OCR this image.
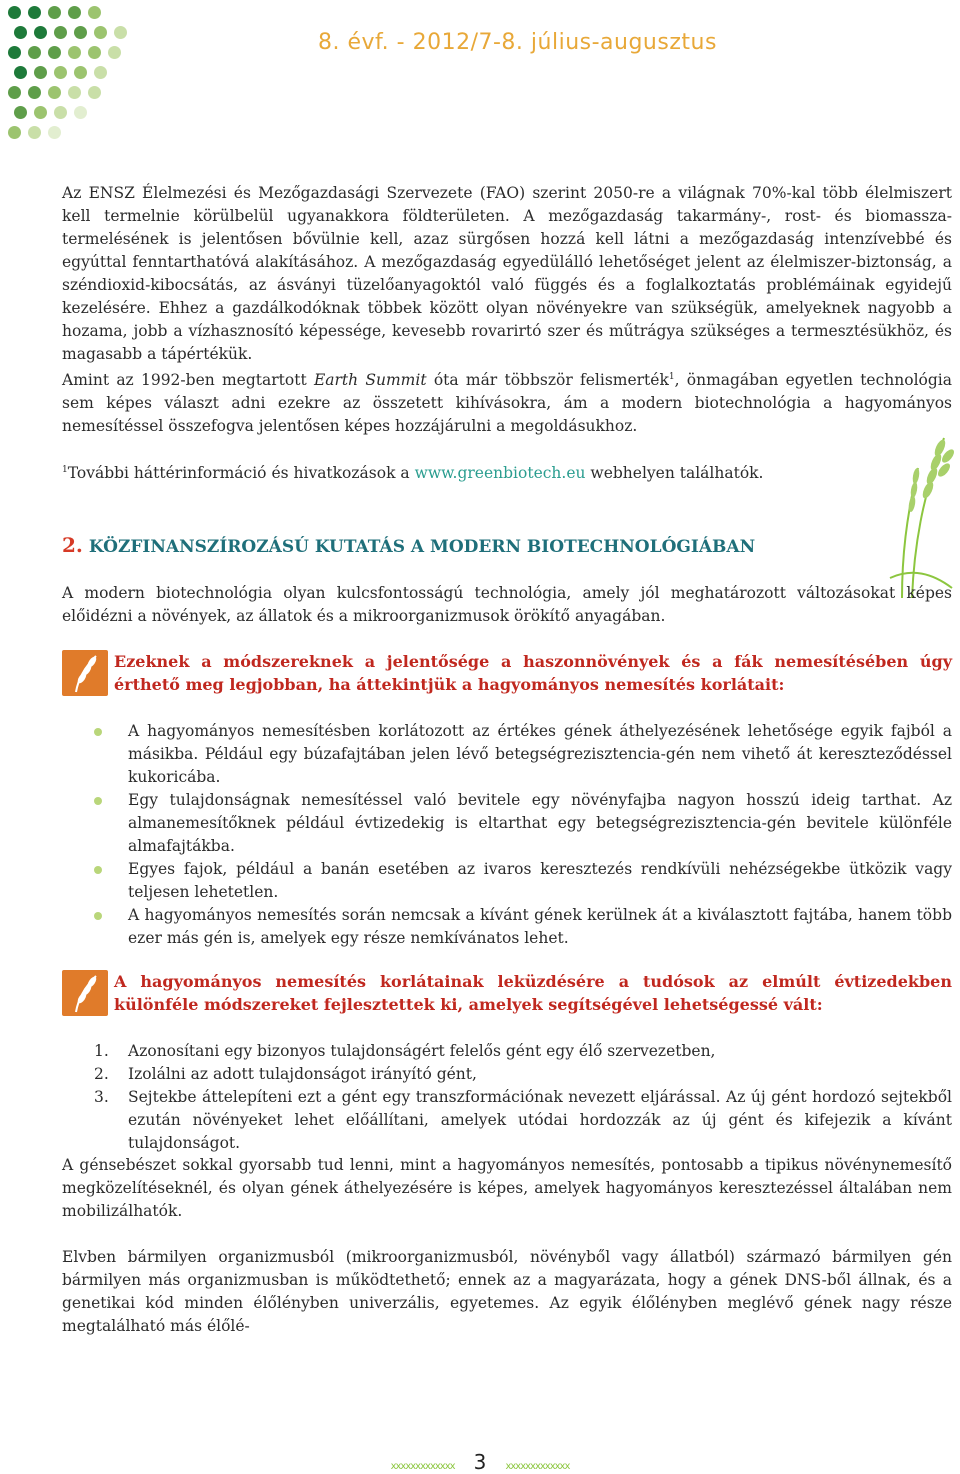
8. évf. - 2012/7-8. július-augusztus

Az ENSZ Élelmezési és Mezőgazdasági Szervezete (FAO) szerint 2050-re a világnak 70%-kal több élelmiszert kell termelnie körülbelül ugyanakkora földterületen. A mezőgazdaság takarmány-, rost- és biomassza-termelésének is jelentősen bővülnie kell, azaz sürgősen hozzá kell látni a mezőgazdaság intenzívebbé és egyúttal fenntarthatóvá alakításához. A mezőgazdaság egyedülálló lehetőséget jelent az élelmiszer-biztonság, a széndioxid-kibocsátás, az ásványi tüzelőanyagoktól való függés és a foglalkoztatás problémáinak egyidejű kezelésére. Ehhez a gazdálkodóknak többek között olyan növényekre van szükségük, amelyeknek nagyobb a hozama, jobb a vízhasznosító képessége, kevesebb rovarirtó szer és műtrágya szükséges a termesztésükhöz, és magasabb a tápértékük.

Amint az 1992-ben megtartott Earth Summit óta már többször felismerték$^1$, önmagában egyetlen technológia sem képes választ adni ezekre az összetett kihívásokra, ám a modern biotechnológia a hagyományos nemesítéssel összefogva jelentősen képes hozzájárulni a megoldásukhoz.

$^1$További háttérinformáció és hivatkozások a www.greenbiotech.eu webhelyen találhatók.

2. KÖZFINANSZÍROZÁSÚ KUTATÁS A MODERN BIOTECHNOLÓGIÁBAN

A modern biotechnológia olyan kulcsfontosságú technológia, amely jól meghatározott változásokat képes előidézni a növények, az állatok és a mikroorganizmusok örökítő anyagában.

Ezeknek a módszereknek a jelentősége a haszonnövények és a fák nemesítésében úgy érthető meg legjobban, ha áttekintjük a hagyományos nemesítés korlátait:
A hagyományos nemesítésben korlátozott az értékes gének áthelyezésének lehetősége egyik fajból a másikba. Például egy búzafajtában jelen lévő betegségrezisztencia-gén nem vihető át kereszteződéssel kukoricába.
Egy tulajdonságnak nemesítéssel való bevitele egy növényfajba nagyon hosszú ideig tarthat. Az almanemesítőknek például évtizedekig is eltarthat egy betegségrezisztencia-gén bevitele különféle almafajtákba.
Egyes fajok, például a banán esetében az ivaros keresztezés rendkívüli nehézségekbe ütközik vagy teljesen lehetetlen.
A hagyományos nemesítés során nemcsak a kívánt gének kerülnek át a kiválasztott fajtába, hanem több ezer más gén is, amelyek egy része nemkívánatos lehet.
A hagyományos nemesítés korlátainak leküzdésére a tudósok az elmúlt évtizedekben különféle módszereket fejlesztettek ki, amelyek segítségével lehetségessé vált:
1. Azonosítani egy bizonyos tulajdonságért felelős gént egy élő szervezetben,
2. Izolálni az adott tulajdonságot irányító gént,
3. Sejtekbe áttelepíteni ezt a gént egy transzformációnak nevezett eljárással. Az új gént hordozó sejtekből ezután növényeket lehet előállítani, amelyek utódai hordozzák az új gént és kifejezik a kívánt tulajdonságot.

A génsebészet sokkal gyorsabb tud lenni, mint a hagyományos nemesítés, pontosabb a tipikus növénynemesítő megközelítéseknél, és olyan gének áthelyezésére is képes, amelyek hagyományos keresztezéssel általában nem mobilizálhatók.

Elvben bármilyen organizmusból (mikroorganizmusból, növényből vagy állatból) származó bármilyen gén bármilyen más organizmusban is működtethető; ennek az a magyarázata, hogy a gének DNS-ből állnak, és a genetikai kód minden élőlényben univerzális, egyetemes. Az egyik élőlényben meglévő gének nagy része megtalálható más élőlé-

xxxxxxxxxxxxx 3 xxxxxxxxxxxxx
